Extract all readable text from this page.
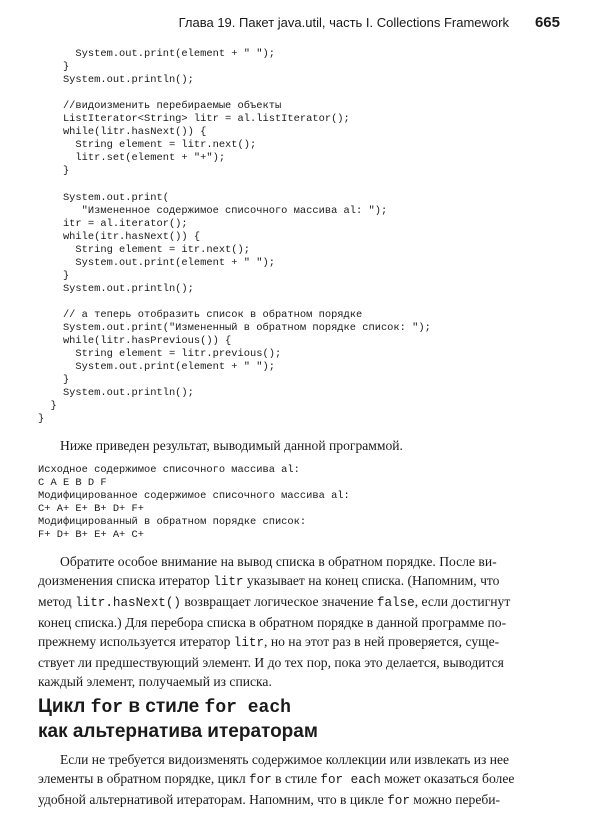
Глава 19. Пакет java.util, часть I. Collections Framework 665
System.out.print(element + " ");
}
System.out.println();

//видоизменить перебираемые объекты
ListIterator<String> litr = al.listIterator();
while(litr.hasNext()) {
String element = litr.next();
litr.set(element + "+");
}

System.out.print(
"Измененное содержимое списочного массива al: ");
itr = al.iterator();
while(itr.hasNext()) {
String element = itr.next();
System.out.print(element + " ");
}
System.out.println();

// а теперь отобразить список в обратном порядке
System.out.print("Измененный в обратном порядке список: ");
while(litr.hasPrevious()) {
String element = litr.previous();
System.out.print(element + " ");
}
System.out.println();
}
}
Ниже приведен результат, выводимый данной программой.
Исходное содержимое списочного массива al:
C A E B D F
Модифицированное содержимое списочного массива al:
C+ A+ E+ B+ D+ F+
Модифицированный в обратном порядке список:
F+ D+ B+ E+ A+ C+
Обратите особое внимание на вывод списка в обратном порядке. После ви-
доизменения списка итератор litr указывает на конец списка. (Напомним, что
метод litr.hasNext() возвращает логическое значение false, если достигнут
конец списка.) Для перебора списка в обратном порядке в данной программе по-
прежнему используется итератор litr, но на этот раз в ней проверяется, суще-
ствует ли предшествующий элемент. И до тех пор, пока это делается, выводится
каждый элемент, получаемый из списка.
Цикл for в стиле for each
как альтернатива итераторам
Если не требуется видоизменять содержимое коллекции или извлекать из нее
элементы в обратном порядке, цикл for в стиле for each может оказаться более
удобной альтернативой итераторам. Напомним, что в цикле for можно переби-
